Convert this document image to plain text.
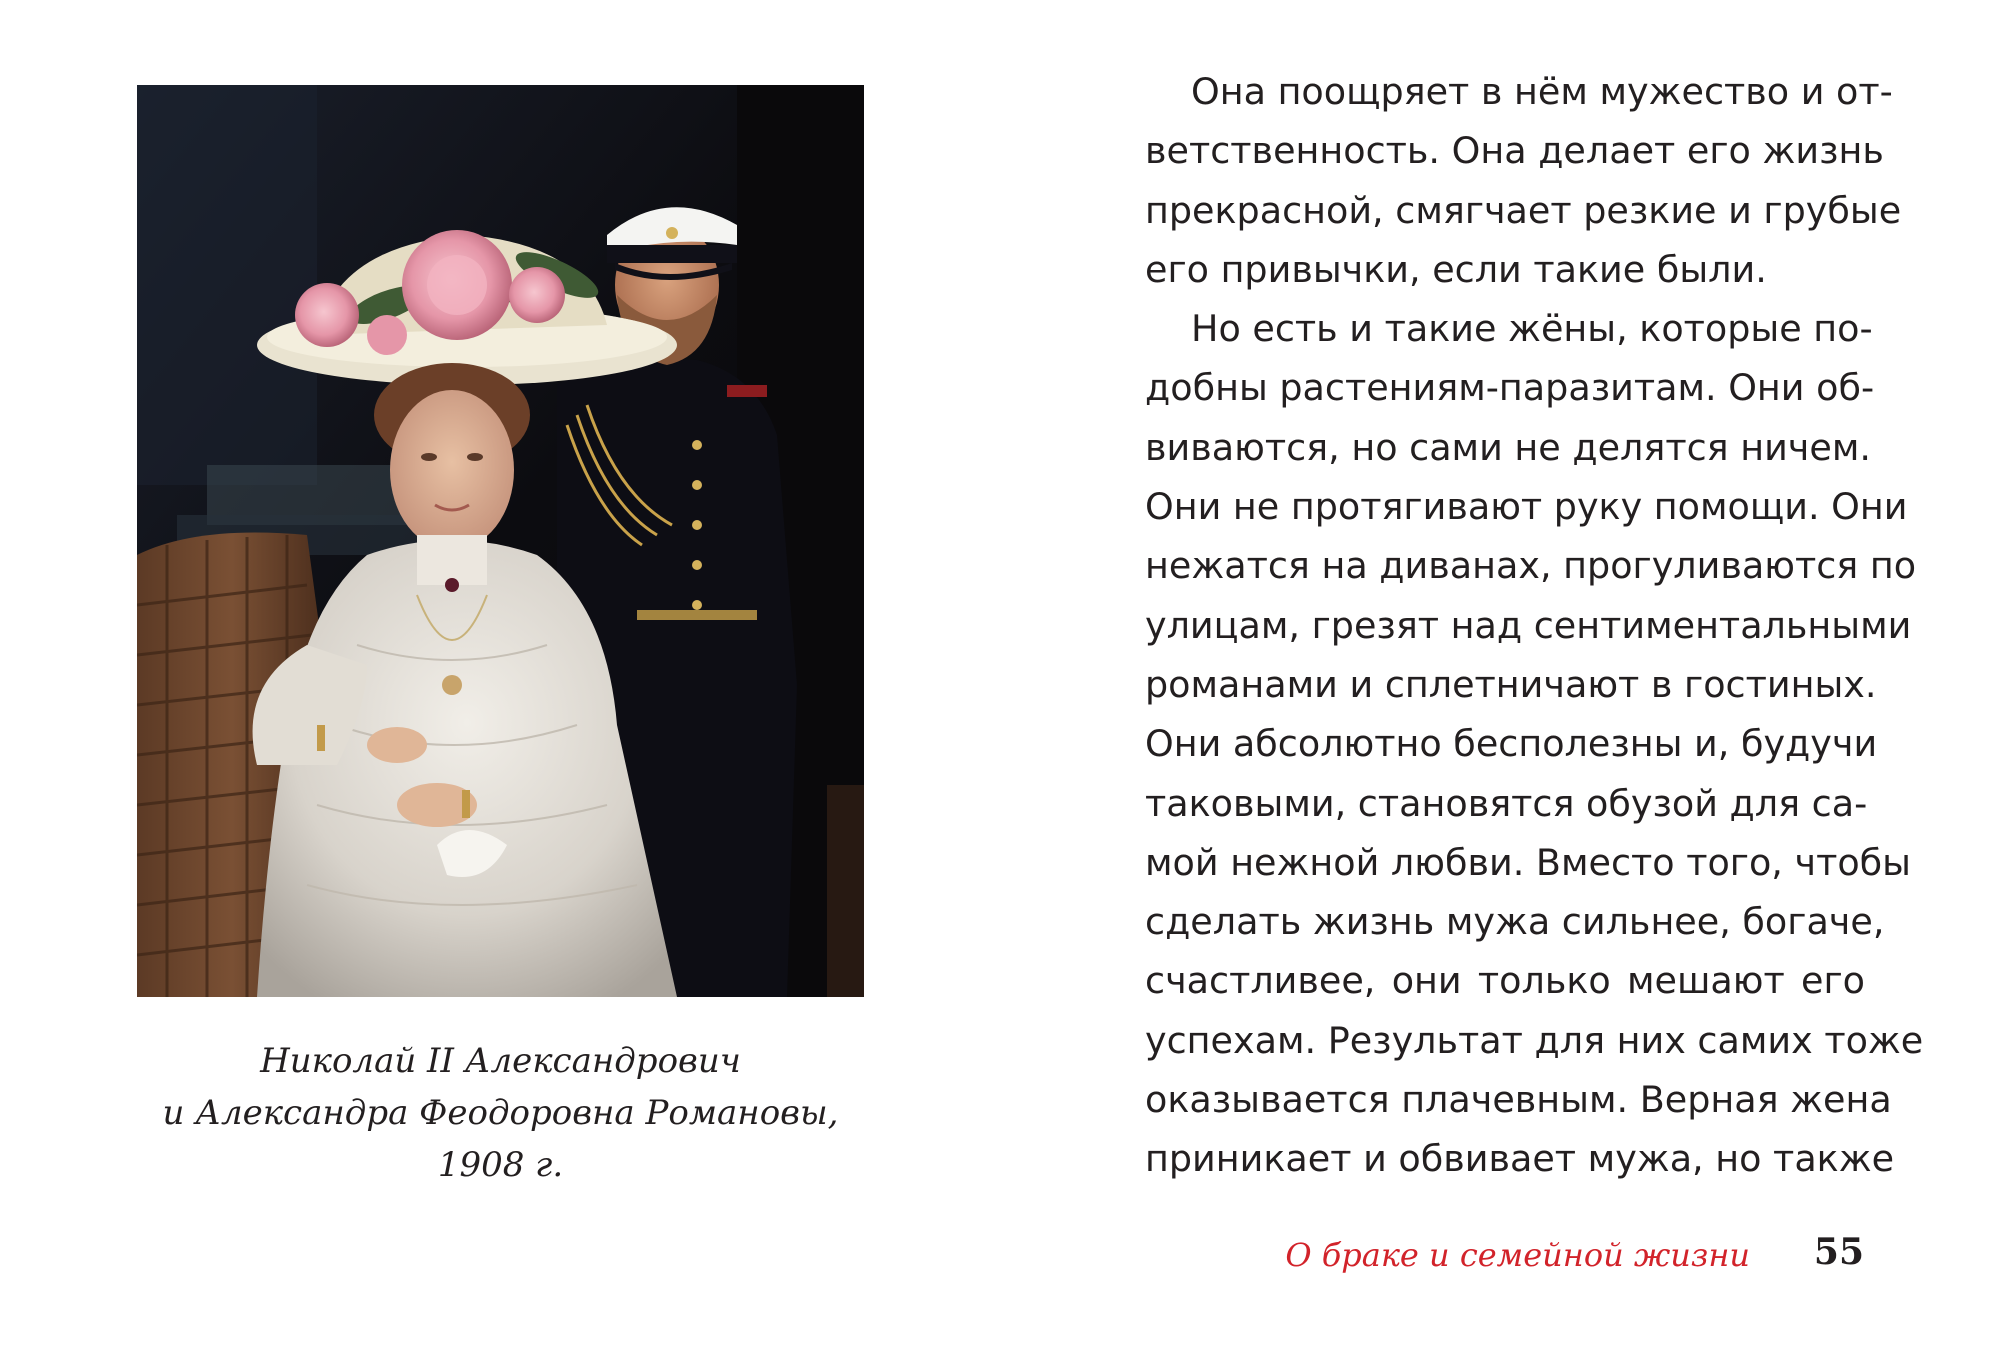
Николай II Александрович
и Александра Феодоровна Романовы,
1908 г.
Она поощряет в нём мужество и от-
ветственность. Она делает его жизнь
прекрасной, смягчает резкие и грубые
его привычки, если такие были.
Но есть и такие жёны, которые по-
добны растениям-паразитам. Они об-
виваются, но сами не делятся ничем.
Они не протягивают руку помощи. Они
нежатся на диванах, прогуливаются по
улицам, грезят над сентиментальными
романами и сплетничают в гостиных.
Они абсолютно бесполезны и, будучи
таковыми, становятся обузой для са-
мой нежной любви. Вместо того, чтобы
сделать жизнь мужа сильнее, богаче,
счастливее, они только мешают его
успехам. Результат для них самих тоже
оказывается плачевным. Верная жена
приникает и обвивает мужа, но также
О браке и семейной жизни 55
